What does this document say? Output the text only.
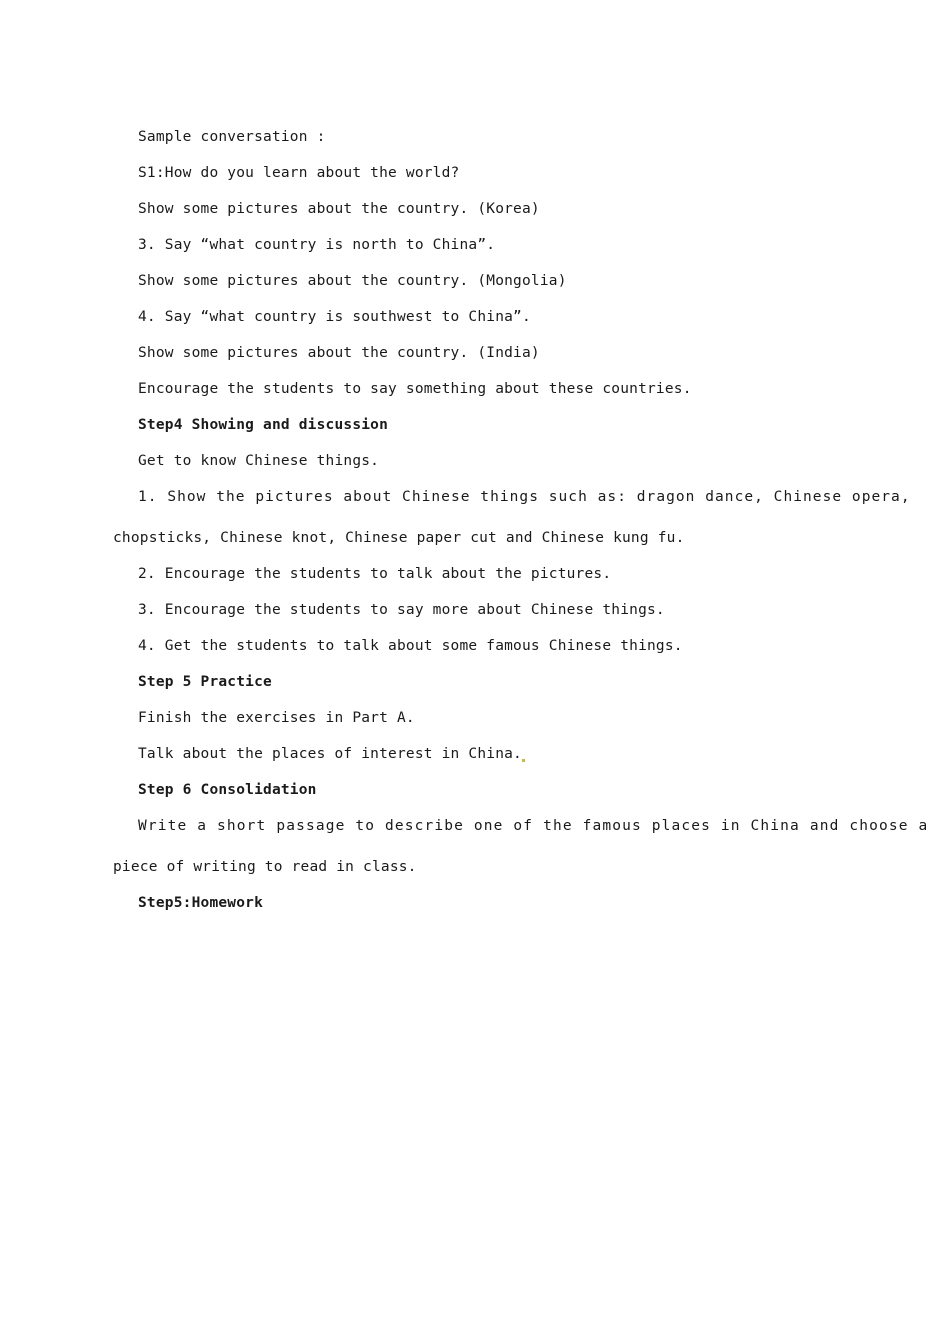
Sample conversation :
S1:How do you learn about the world?
Show some pictures about the country. (Korea)
3. Say “what country is north to China”.
Show some pictures about the country. (Mongolia)
4. Say “what country is southwest to China”.
Show some pictures about the country. (India)
Encourage the students to say something about these countries.
Step4 Showing and discussion
Get to know Chinese things.
1. Show the pictures about Chinese things such as: dragon dance, Chinese opera,
chopsticks, Chinese knot, Chinese paper cut and Chinese kung fu.
2. Encourage the students to talk about the pictures.
3. Encourage the students to say more about Chinese things.
4. Get the students to talk about some famous Chinese things.
Step 5 Practice
Finish the exercises in Part A.
Talk about the places of interest in China.
Step 6 Consolidation
Write a short passage to describe one of the famous places in China and choose a
piece of writing to read in class.
Step5:Homework
